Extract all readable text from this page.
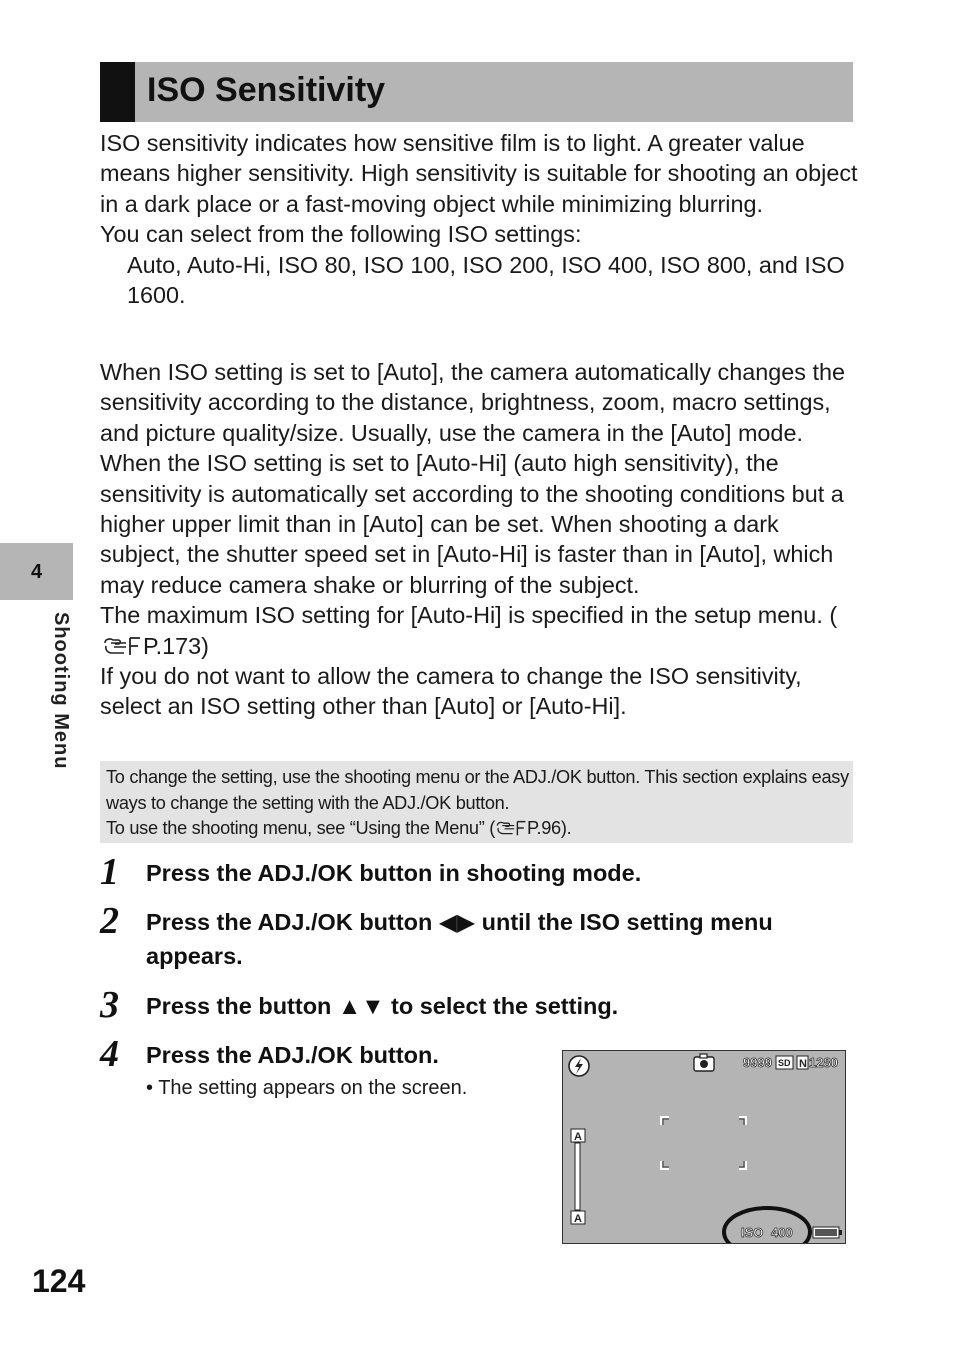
ISO Sensitivity
4
Shooting Menu

ISO sensitivity indicates how sensitive film is to light. A greater value means higher sensitivity. High sensitivity is suitable for shooting an object in a dark place or a fast-moving object while minimizing blurring.

You can select from the following ISO settings:

Auto, Auto-Hi, ISO 80, ISO 100, ISO 200, ISO 400, ISO 800, and ISO 1600.

When ISO setting is set to [Auto], the camera automatically changes the sensitivity according to the distance, brightness, zoom, macro settings, and picture quality/size. Usually, use the camera in the [Auto] mode.

When the ISO setting is set to [Auto-Hi] (auto high sensitivity), the sensitivity is automatically set according to the shooting conditions but a higher upper limit than in [Auto] can be set. When shooting a dark subject, the shutter speed set in [Auto-Hi] is faster than in [Auto], which may reduce camera shake or blurring of the subject.

The maximum ISO setting for [Auto-Hi] is specified in the setup menu. (P.173)

If you do not want to allow the camera to change the ISO sensitivity, select an ISO setting other than [Auto] or [Auto-Hi].

To change the setting, use the shooting menu or the ADJ./OK button. This section explains easy ways to change the setting with the ADJ./OK button.

To use the shooting menu, see “Using the Menu” ( P.96).

1 Press the ADJ./OK button in shooting mode.
2 Press the ADJ./OK button ◀▶ until the ISO setting menu appears.
3 Press the button ▲▼ to select the setting.
4 Press the ADJ./OK button.
• The setting appears on the screen.
9999 SD N 1280
A
A
ISO 400
124
